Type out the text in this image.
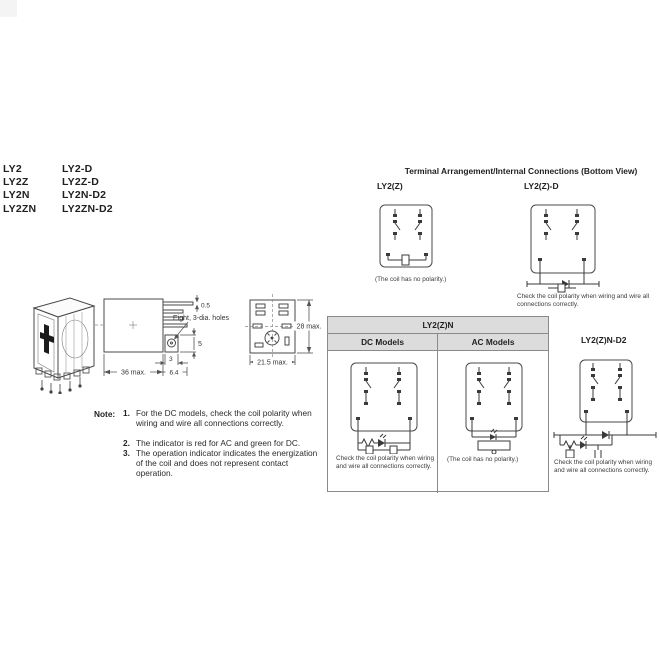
LY2
LY2Z
LY2N
LY2ZN
LY2-D
LY2Z-D
LY2N-D2
LY2ZN-D2
Terminal Arrangement/Internal Connections (Bottom View)
LY2(Z)
(The coil has no polarity.)
LY2(Z)-D
Check the coil polarity when wiring and wire all connections correctly.
0.5
Eight, 3-dia. holes
5
3
36 max.	6.4
28 max.
21.5 max.
LY2(Z)N
DC Models	AC Models
Check the coil polarity when wiring and wire all connections correctly.
(The coil has no polarity.)
LY2(Z)N-D2
Check the coil polarity when wiring and wire all connections correctly.
Note: 1. For the DC models, check the coil polarity when wiring and wire all connections correctly.
2. The indicator is red for AC and green for DC.
3. The operation indicator indicates the energization of the coil and does not represent contact operation.
